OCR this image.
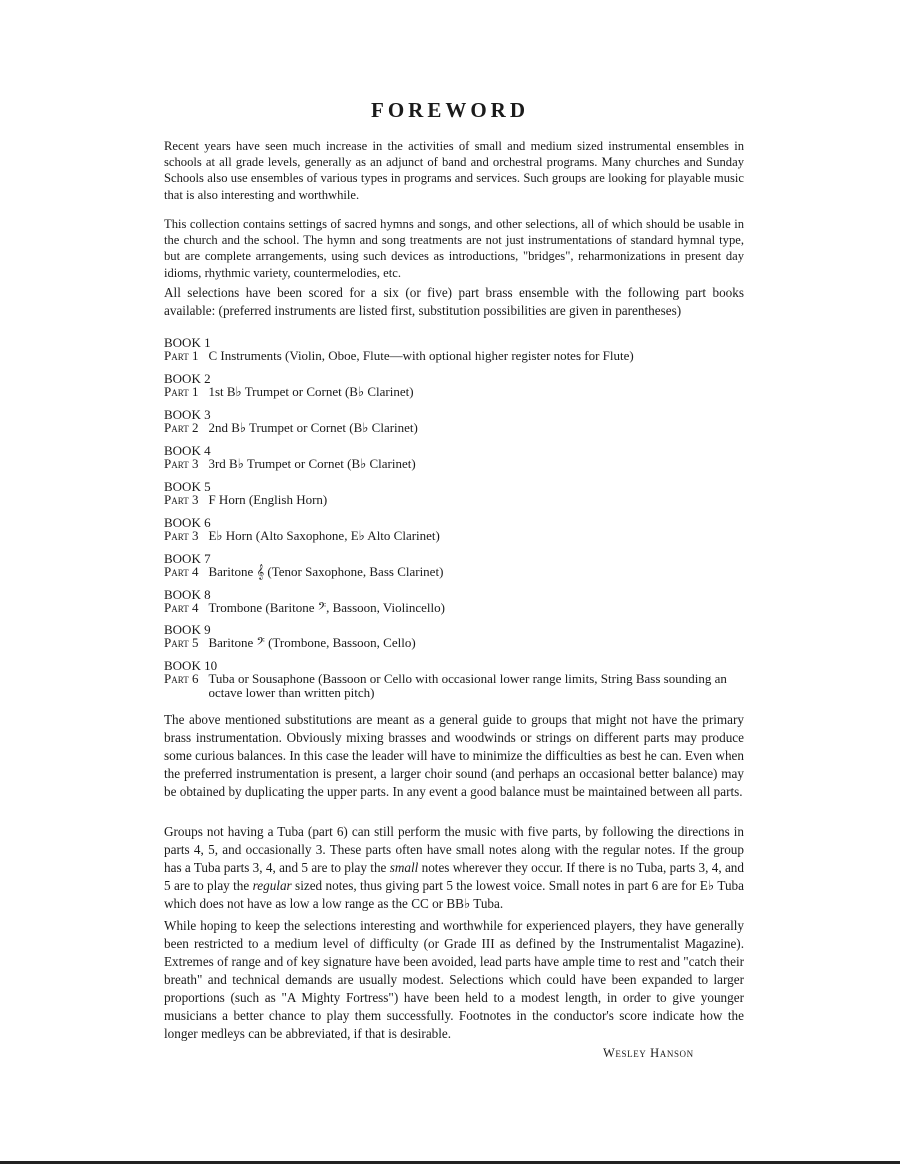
FOREWORD

Recent years have seen much increase in the activities of small and medium sized instrumental ensembles in schools at all grade levels, generally as an adjunct of band and orchestral programs. Many churches and Sunday Schools also use ensembles of various types in programs and services. Such groups are looking for playable music that is also interesting and worthwhile.

This collection contains settings of sacred hymns and songs, and other selections, all of which should be usable in the church and the school. The hymn and song treatments are not just instrumentations of standard hymnal type, but are complete arrangements, using such devices as introductions, "bridges", reharmonizations in present day idioms, rhythmic variety, countermelodies, etc.

All selections have been scored for a six (or five) part brass ensemble with the following part books available: (preferred instruments are listed first, substitution possibilities are given in parentheses)

BOOK 1
Part 1 C Instruments (Violin, Oboe, Flute—with optional higher register notes for Flute)
BOOK 2
Part 1 1st B♭ Trumpet or Cornet (B♭ Clarinet)
BOOK 3
Part 2 2nd B♭ Trumpet or Cornet (B♭ Clarinet)
BOOK 4
Part 3 3rd B♭ Trumpet or Cornet (B♭ Clarinet)
BOOK 5
Part 3 F Horn (English Horn)
BOOK 6
Part 3 E♭ Horn (Alto Saxophone, E♭ Alto Clarinet)
BOOK 7
Part 4 Baritone 𝄞 (Tenor Saxophone, Bass Clarinet)
BOOK 8
Part 4 Trombone (Baritone 𝄢, Bassoon, Violincello)
BOOK 9
Part 5 Baritone 𝄢 (Trombone, Bassoon, Cello)
BOOK 10
Part 6 Tuba or Sousaphone (Bassoon or Cello with occasional lower range limits, String Bass sounding an octave lower than written pitch)

The above mentioned substitutions are meant as a general guide to groups that might not have the primary brass instrumentation. Obviously mixing brasses and woodwinds or strings on different parts may produce some curious balances. In this case the leader will have to minimize the difficulties as best he can. Even when the preferred instrumentation is present, a larger choir sound (and perhaps an occasional better balance) may be obtained by duplicating the upper parts. In any event a good balance must be maintained between all parts.

Groups not having a Tuba (part 6) can still perform the music with five parts, by following the directions in parts 4, 5, and occasionally 3. These parts often have small notes along with the regular notes. If the group has a Tuba parts 3, 4, and 5 are to play the small notes wherever they occur. If there is no Tuba, parts 3, 4, and 5 are to play the regular sized notes, thus giving part 5 the lowest voice. Small notes in part 6 are for E♭ Tuba which does not have as low a low range as the CC or BB♭ Tuba.

While hoping to keep the selections interesting and worthwhile for experienced players, they have generally been restricted to a medium level of difficulty (or Grade III as defined by the Instrumentalist Magazine). Extremes of range and of key signature have been avoided, lead parts have ample time to rest and "catch their breath" and technical demands are usually modest. Selections which could have been expanded to larger proportions (such as "A Mighty Fortress") have been held to a modest length, in order to give younger musicians a better chance to play them successfully. Footnotes in the conductor's score indicate how the longer medleys can be abbreviated, if that is desirable.

Wesley Hanson
